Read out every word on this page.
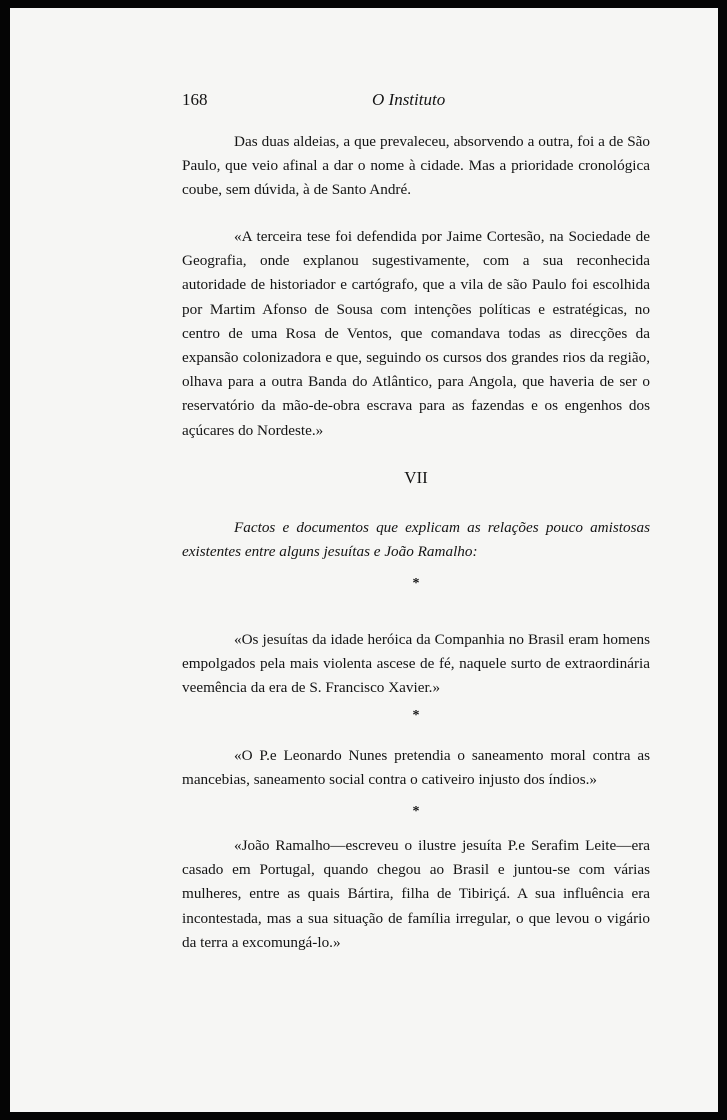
168	O Instituto

Das duas aldeias, a que prevaleceu, absorvendo a outra, foi a de São Paulo, que veio afinal a dar o nome à cidade. Mas a prioridade cronológica coube, sem dúvida, à de Santo André.

«A terceira tese foi defendida por Jaime Cortesão, na Sociedade de Geografia, onde explanou sugestivamente, com a sua reconhecida autoridade de historiador e cartógrafo, que a vila de são Paulo foi escolhida por Martim Afonso de Sousa com intenções políticas e estratégicas, no centro de uma Rosa de Ventos, que comandava todas as direcções da expansão colonizadora e que, seguindo os cursos dos grandes rios da região, olhava para a outra Banda do Atlântico, para Angola, que haveria de ser o reservatório da mão-de-obra escrava para as fazendas e os engenhos dos açúcares do Nordeste.»

VII

Factos e documentos que explicam as relações pouco amistosas existentes entre alguns jesuítas e João Ramalho:

*

«Os jesuítas da idade heróica da Companhia no Brasil eram homens empolgados pela mais violenta ascese de fé, naquele surto de extraordinária veemência da era de S. Francisco Xavier.»

*

«O P.e Leonardo Nunes pretendia o saneamento moral contra as mancebias, saneamento social contra o cativeiro injusto dos índios.»

*

«João Ramalho—escreveu o ilustre jesuíta P.e Serafim Leite—era casado em Portugal, quando chegou ao Brasil e juntou-se com várias mulheres, entre as quais Bártira, filha de Tibiriçá. A sua influência era incontestada, mas a sua situação de família irregular, o que levou o vigário da terra a excomungá-lo.»
